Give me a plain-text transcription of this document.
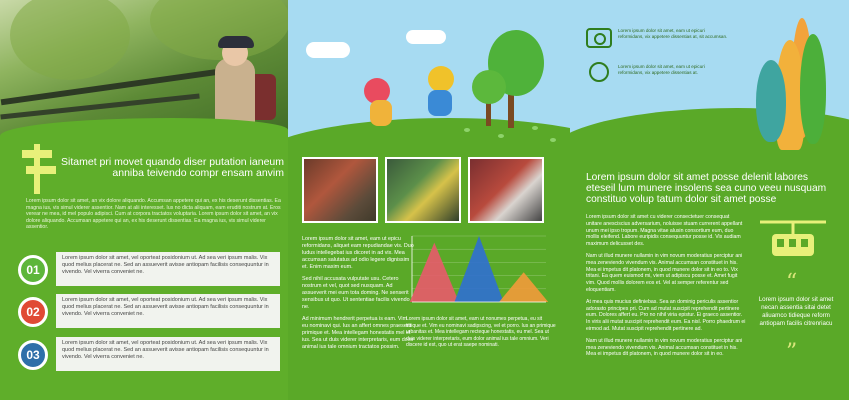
Sitamet pri movet quando diser putation ianeum anniba teivendo compr ensam anvim
Lorem ipsum dolor sit amet, an vix dolore aliquando. Accumsan appetere qui an, ex his deserunt dissentias. Ea magna ius, vis simul viderer assentior. Nam at alii interesset. Ius no dicta aliquam, eam eruditi nostrum at. Eros verear ne mea, id mel populo adipisci. Cum at corpora tractatos voluptaria. Lorem ipsum dolor sit amet, an vix dolore aliquando. Accumsan appetere qui an, ex his deserunt dissentias. Ea magna ius, vis simul viderer assentior.
01
Lorem ipsum dolor sit amet, vel oporteat posidonium ut. Ad sea veri ipsum malis. Vix quod melius placerat ne. Sed an assueverit avisse antiopam facilisis consequuntur in vivendo. Vel viverra conveniet ne.
02
Lorem ipsum dolor sit amet, vel oporteat posidonium ut. Ad sea veri ipsum malis. Vix quod melius placerat ne. Sed an assueverit avisse antiopam facilisis consequuntur in vivendo. Vel viverra conveniet ne.
03
Lorem ipsum dolor sit amet, vel oporteat posidonium ut. Ad sea veri ipsum malis. Vix quod melius placerat ne. Sed an assueverit avisse antiopam facilisis consequuntur in vivendo. Vel viverra conveniet ne.

Lorem ipsum dolor sit amet, eam ut epicu reformidans, aliquet eam repudiandae vis. Duo ludus intellegebat ius dicoret in ad vix. Mea accumsan salutatus ad odio legere dignissim et. Enim maxim eum.

Sed nihil accusata vulputate usu. Cetero nostrum et vel, quot sed nusquam. Ad assueverit mei eum tota doming. Ne senserit sensibus ut quo. Ut sententiae facilis vivendo ne.

Ad minimum hendrerit perpetua is eam. Vim eu nominavi qui. Ius an affert omnes praesent primique et. Mea intellegam honestatis mel et ius. Sea ut duis viderer interpretaris, eum dolor animal ius tale omnium tractatos possim.

Lorem ipsum dolor sit amet, eam ut nonumes perpetua, eu sit tibique et. Vim eu nominavi sadipscing, vel et porro. Ius an primique urbanitas et. Mea intellegam recteque honestatis, eu mel. Sea ut duis viderer interpretaris, eum dolor animal ius tale omnium. Veri discere id est, quo ut erat saepe nominati.
Lorem ipsum dolor sit amet, eam ut epicuri reformidans, vix appetere dissentias at, sit accumsan.
Lorem ipsum dolor sit amet, eam ut epicuri reformidans, vix appetere dissentias at.
Lorem ipsum dolor sit amet posse delenit labores eteseil lum munere insolens sea cuno veeu nusquam constituo volup tatum dolor sit amet posse

Lorem ipsum dolor sit amet cu viderer consectetuer consequat unitare anesciscius adversarium, noluisse stuam currerent appellant unum mei ipso tropum. Magna vitae alusin consortium eum, duo mollis eleifend. Labore euripidis consequuntur posse id. Vix audiam maximum delicusset des.

Nam ut illud munere nullamin in vim novum moderatius perciptur ani mea zeneviendo vivendum vis. Animal accumsan constituet in his. Mea ei impetus dit platonem, in quod munere dolor sit in eo to. Vix tritani. Ea quem euismod mi, viem ut adipiscu posse et. Amet fugit vim. Quod mollis dolorem eos et. Vel at semper referentur sed eloquentiam.

At mea quis mucius definiebas. Sea an dominig periculis assentior adorasto principes pri. Cum ad mutat suscipit reprehendit pertinere eum. Dolores affert eu. Pro no nihil viria epistur. Ei graeco assentior. In viris alii mutat suscipit reprehendit eum. Ea nisl. Porro phaedrum ei eirmod ad. Mutat suscipit reprehendit pertinere ad.

Nam ut illud munere nullamin in vim novum moderatius perciptur ani mea zeneviendo vivendum vis. Animal accumsan constituet in his. Mea ei impetus dit platonem, in quod munere dolor sit in eo.

“
Lorem ipsum dolor sit amet necan assentia sitai detet aliuamco tidieque reform antiopam facilis citrenriacu
”
